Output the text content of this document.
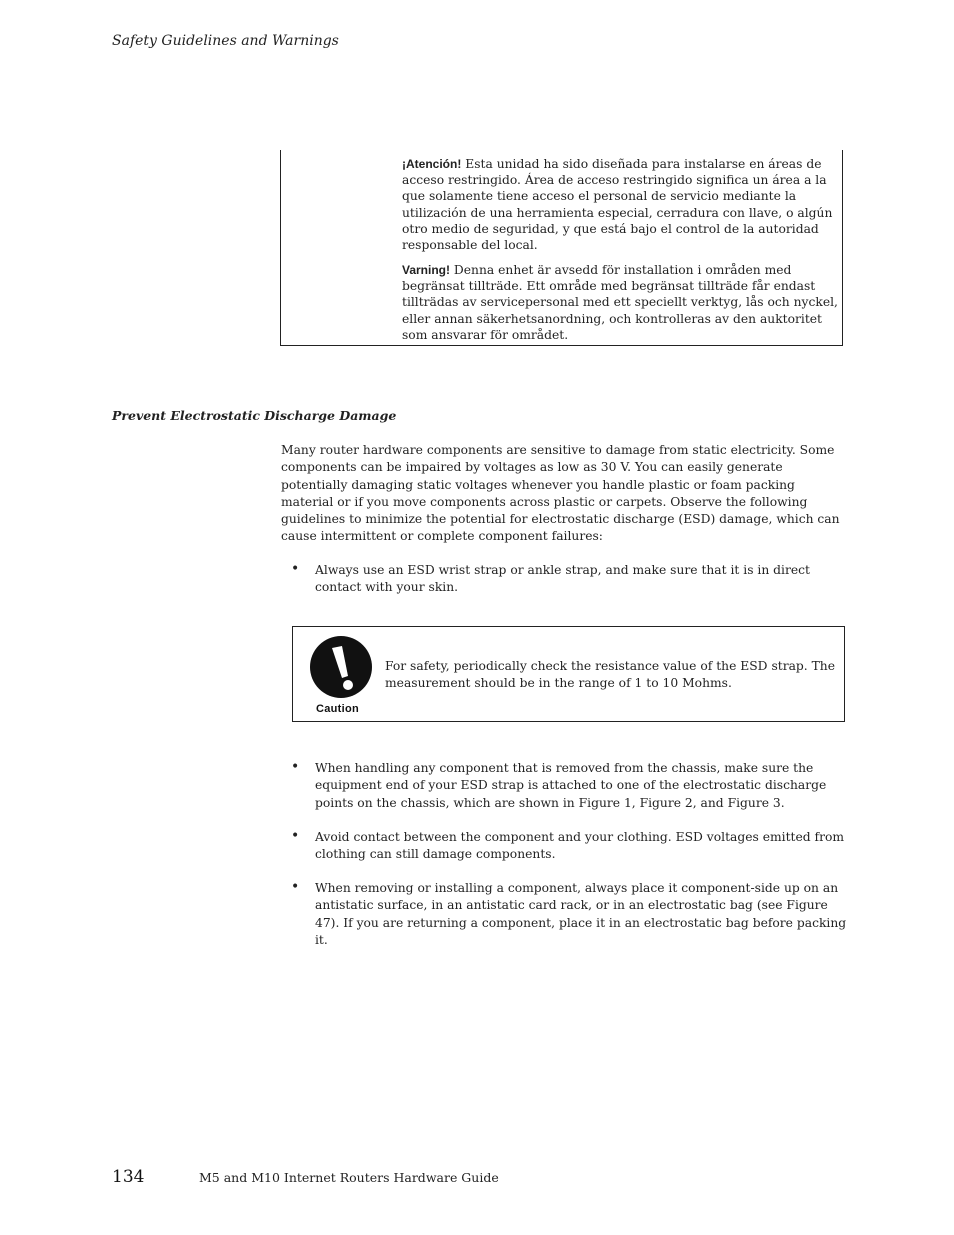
Safety Guidelines and Warnings
¡Atención! Esta unidad ha sido diseñada para instalarse en áreas de acceso restringido. Área de acceso restringido significa un área a la que solamente tiene acceso el personal de servicio mediante la utilización de una herramienta especial, cerradura con llave, o algún otro medio de seguridad, y que está bajo el control de la autoridad responsable del local.
Varning! Denna enhet är avsedd för installation i områden med begränsat tillträde. Ett område med begränsat tillträde får endast tillträdas av servicepersonal med ett speciellt verktyg, lås och nyckel, eller annan säkerhetsanordning, och kontrolleras av den auktoritet som ansvarar för området.
Prevent Electrostatic Discharge Damage
Many router hardware components are sensitive to damage from static electricity. Some components can be impaired by voltages as low as 30 V. You can easily generate potentially damaging static voltages whenever you handle plastic or foam packing material or if you move components across plastic or carpets. Observe the following guidelines to minimize the potential for electrostatic discharge (ESD) damage, which can cause intermittent or complete component failures:
• Always use an ESD wrist strap or ankle strap, and make sure that it is in direct contact with your skin.
Caution
For safety, periodically check the resistance value of the ESD strap. The measurement should be in the range of 1 to 10 Mohms.
• When handling any component that is removed from the chassis, make sure the equipment end of your ESD strap is attached to one of the electrostatic discharge points on the chassis, which are shown in Figure 1, Figure 2, and Figure 3.
• Avoid contact between the component and your clothing. ESD voltages emitted from clothing can still damage components.
• When removing or installing a component, always place it component-side up on an antistatic surface, in an antistatic card rack, or in an electrostatic bag (see Figure 47). If you are returning a component, place it in an electrostatic bag before packing it.
134	M5 and M10 Internet Routers Hardware Guide
